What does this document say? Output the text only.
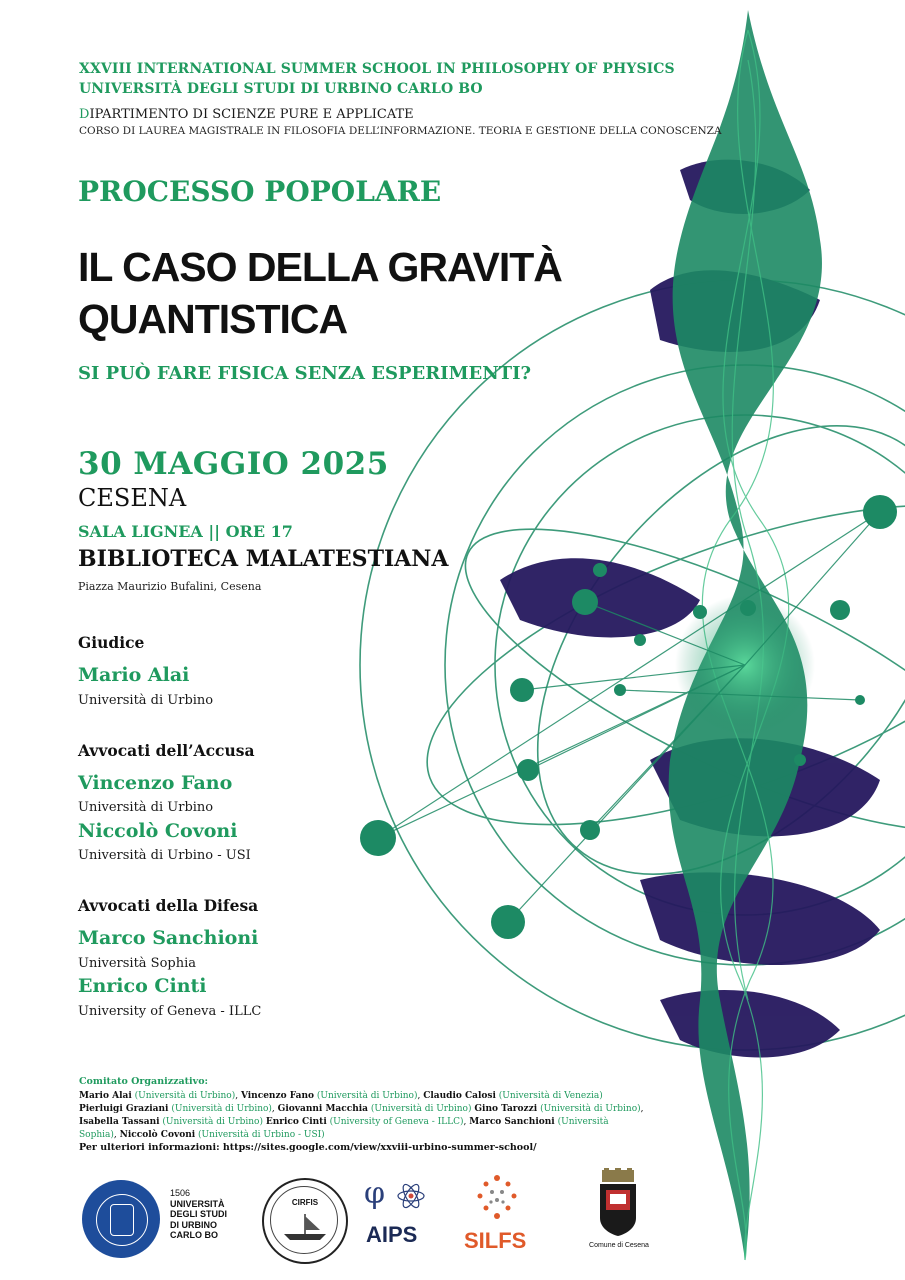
XXVIII INTERNATIONAL SUMMER SCHOOL IN PHILOSOPHY OF PHYSICS
UNIVERSITÀ DEGLI STUDI DI URBINO CARLO BO
DIPARTIMENTO DI SCIENZE PURE E APPLICATE
CORSO DI LAUREA MAGISTRALE IN FILOSOFIA DELL’INFORMAZIONE. TEORIA E GESTIONE DELLA CONOSCENZA
PROCESSO POPOLARE
IL CASO DELLA GRAVITÀ
QUANTISTICA
SI PUÒ FARE FISICA SENZA ESPERIMENTI?
30 MAGGIO 2025
CESENA
SALA LIGNEA || ORE 17
BIBLIOTECA MALATESTIANA
Piazza Maurizio Bufalini, Cesena
Giudice
Mario Alai
Università di Urbino
Avvocati dell’Accusa
Vincenzo Fano
Università di Urbino
Niccolò Covoni
Università di Urbino - USI
Avvocati della Difesa
Marco Sanchioni
Università Sophia
Enrico Cinti
University of Geneva - ILLC
Comitato Organizzativo:
Mario Alai (Università di Urbino), Vincenzo Fano (Università di Urbino), Claudio Calosi (Università di Venezia) Pierluigi Graziani (Università di Urbino), Giovanni Macchia (Università di Urbino) Gino Tarozzi (Università di Urbino), Isabella Tassani (Università di Urbino) Enrico Cinti (University of Geneva - ILLC), Marco Sanchioni (Università Sophia), Niccolò Covoni (Università di Urbino - USI)
Per ulteriori informazioni: https://sites.google.com/view/xxviii-urbino-summer-school/
1506
UNIVERSITÀ
DEGLI STUDI
DI URBINO
CARLO BO
CIRFIS	φ
AIPS SILFS	Comune di Cesena
